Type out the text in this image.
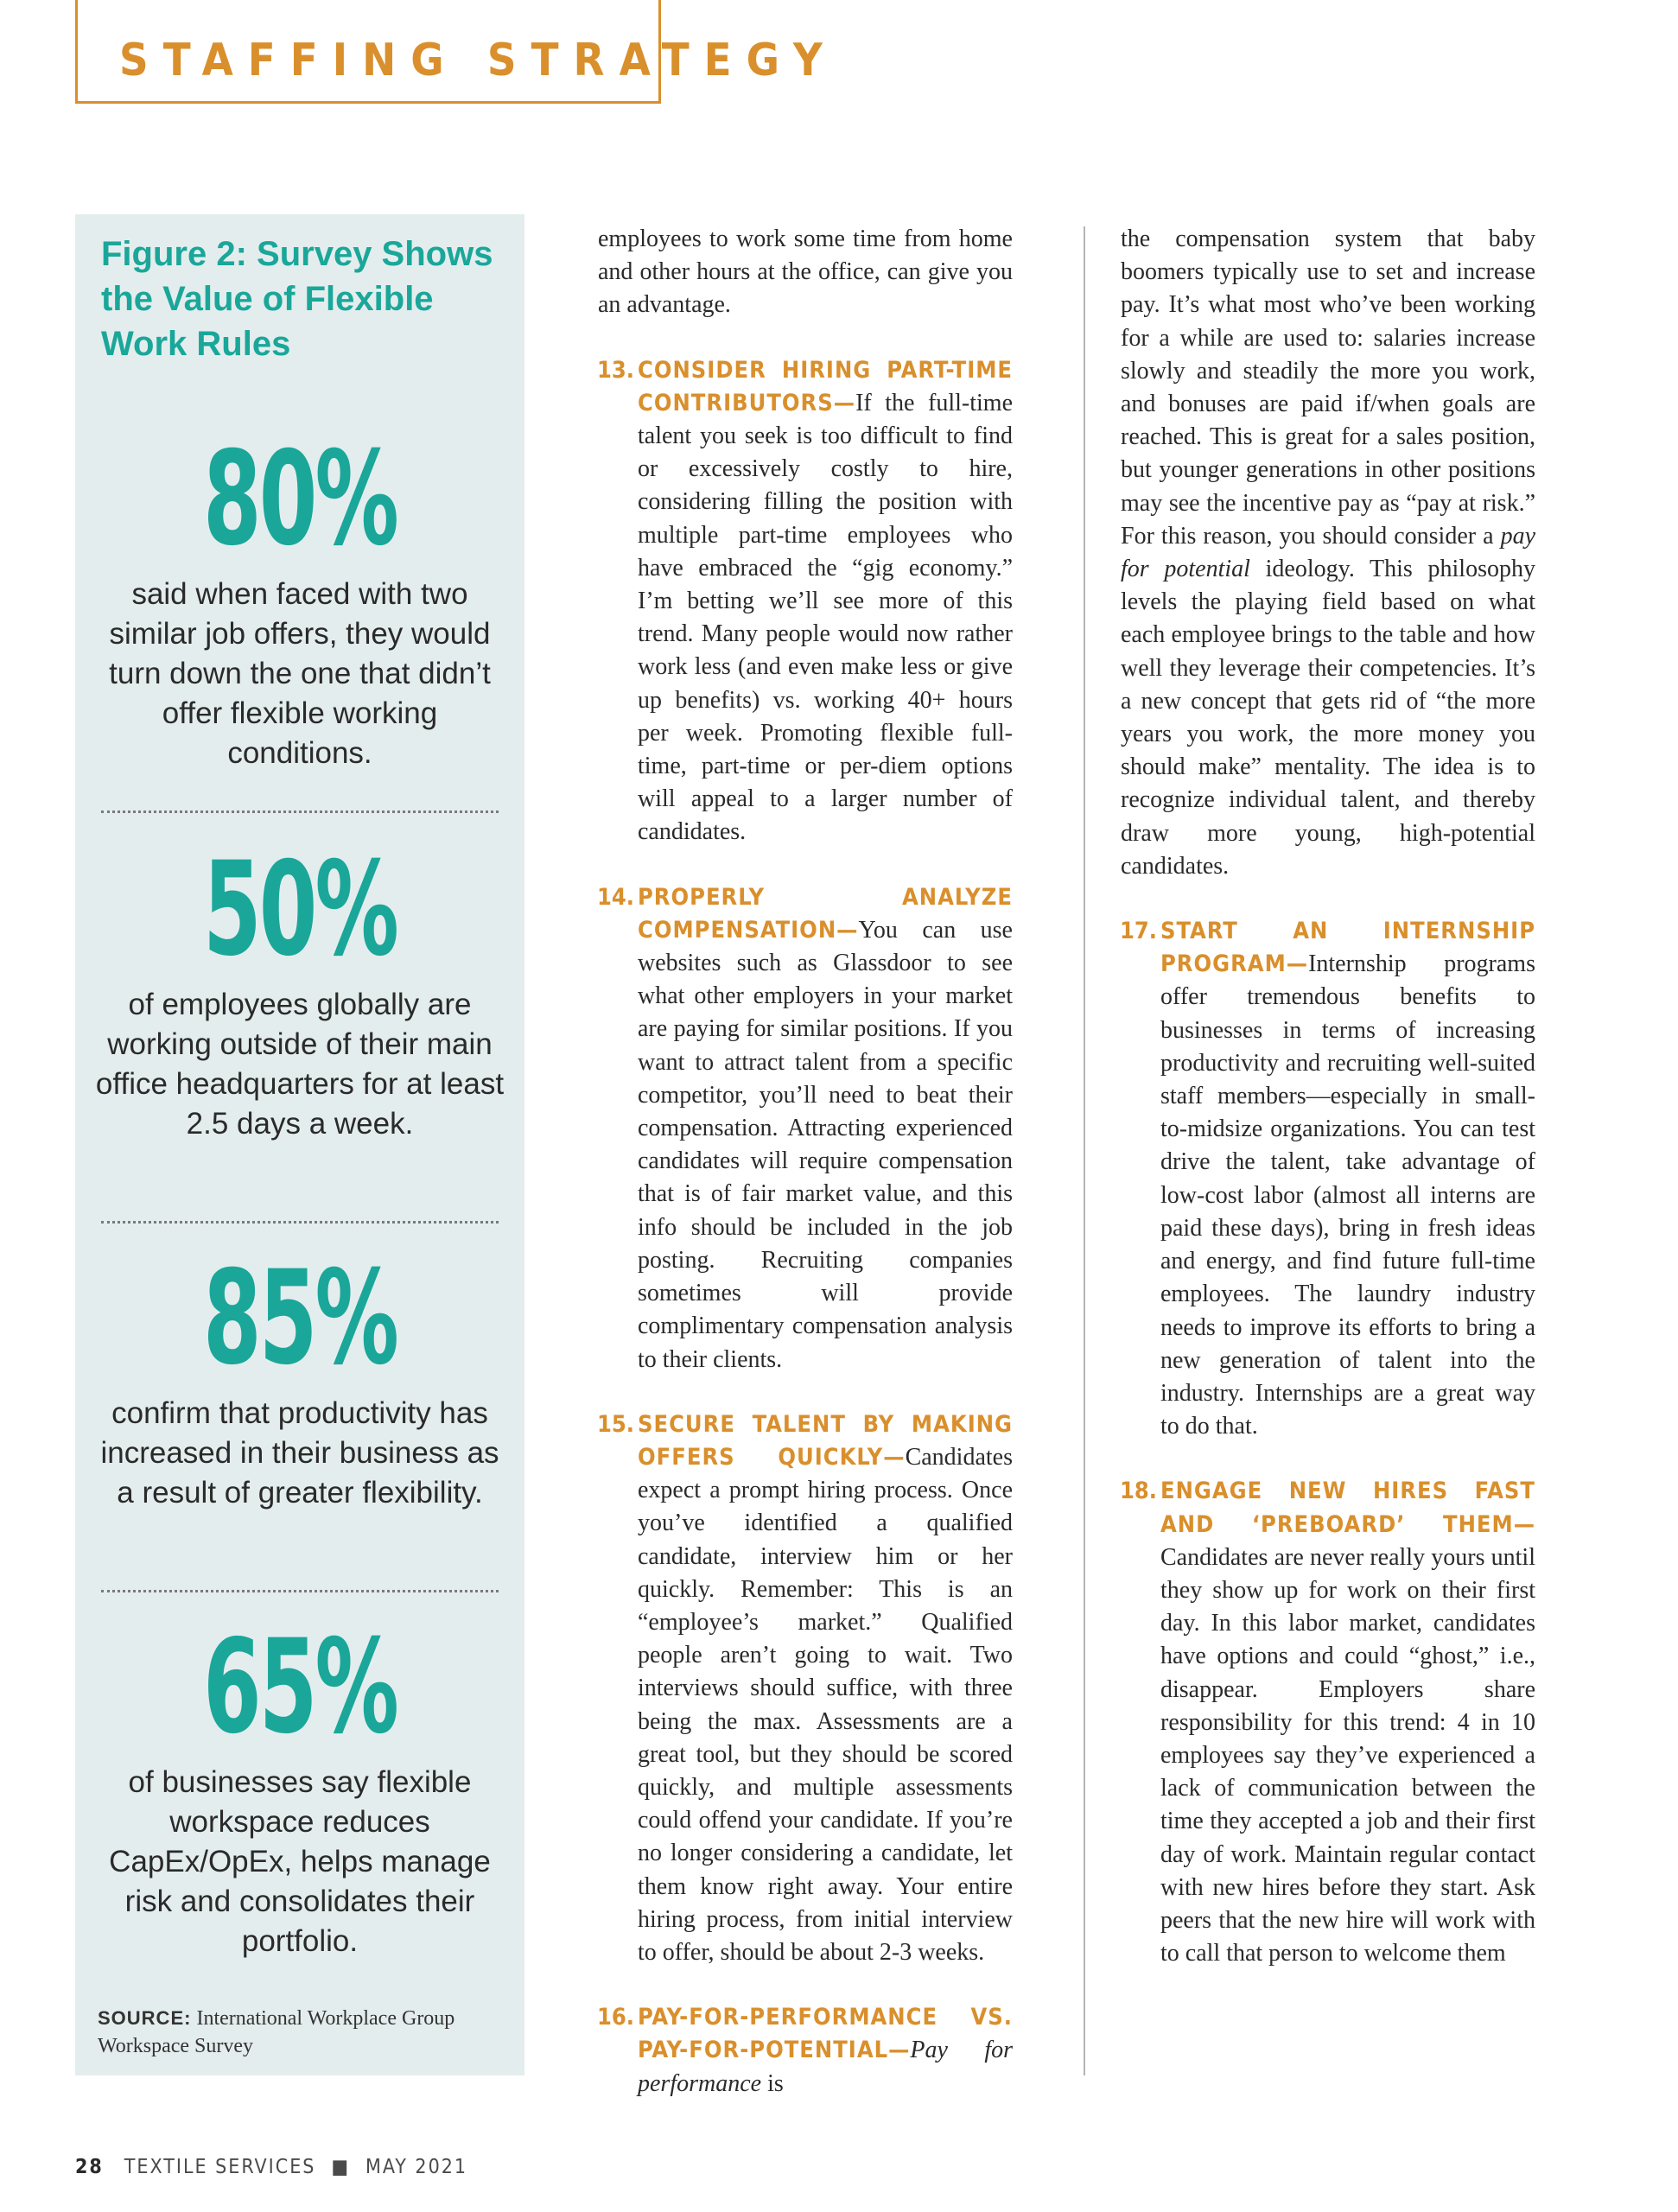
STAFFING STRATEGY
Figure 2: Survey Shows the Value of Flexible Work Rules
80%
said when faced with two similar job offers, they would turn down the one that didn’t offer flexible working conditions.
50%
of employees globally are working outside of their main office headquarters for at least 2.5 days a week.
85%
confirm that productivity has increased in their business as a result of greater flexibility.
65%
of businesses say flexible workspace reduces CapEx/OpEx, helps manage risk and consolidates their portfolio.
SOURCE: International Workplace Group Workspace Survey

employees to work some time from home and other hours at the office, can give you an advantage.

13. CONSIDER HIRING PART-TIME CONTRIBUTORS—If the full-time talent you seek is too difficult to find or excessively costly to hire, considering filling the position with multiple part-time employees who have embraced the “gig economy.” I’m betting we’ll see more of this trend. Many people would now rather work less (and even make less or give up benefits) vs. working 40+ hours per week. Promoting flexible full-time, part-time or per-diem options will appeal to a larger number of candidates.
14. PROPERLY ANALYZE COMPENSATION—You can use websites such as Glassdoor to see what other employers in your market are paying for similar positions. If you want to attract talent from a specific competitor, you’ll need to beat their compensation. Attracting experienced candidates will require compensation that is of fair market value, and this info should be included in the job posting. Recruiting companies sometimes will provide complimentary compensation analysis to their clients.
15. SECURE TALENT BY MAKING OFFERS QUICKLY—Candidates expect a prompt hiring process. Once you’ve identified a qualified candidate, interview him or her quickly. Remember: This is an “employee’s market.” Qualified people aren’t going to wait. Two interviews should suffice, with three being the max. Assessments are a great tool, but they should be scored quickly, and multiple assessments could offend your candidate. If you’re no longer considering a candidate, let them know right away. Your entire hiring process, from initial interview to offer, should be about 2-3 weeks.
16. PAY-FOR-PERFORMANCE VS. PAY-FOR-POTENTIAL—Pay for performance is

the compensation system that baby boomers typically use to set and increase pay. It’s what most who’ve been working for a while are used to: salaries increase slowly and steadily the more you work, and bonuses are paid if/when goals are reached. This is great for a sales position, but younger generations in other positions may see the incentive pay as “pay at risk.” For this reason, you should consider a pay for potential ideology. This philosophy levels the playing field based on what each employee brings to the table and how well they leverage their competencies. It’s a new concept that gets rid of “the more years you work, the more money you should make” mentality. The idea is to recognize individual talent, and thereby draw more young, high-potential candidates.

17. START AN INTERNSHIP PROGRAM—Internship programs offer tremendous benefits to businesses in terms of increasing productivity and recruiting well-suited staff members—especially in small-to-midsize organizations. You can test drive the talent, take advantage of low-cost labor (almost all interns are paid these days), bring in fresh ideas and energy, and find future full-time employees. The laundry industry needs to improve its efforts to bring a new generation of talent into the industry. Internships are a great way to do that.
18. ENGAGE NEW HIRES FAST AND ‘PREBOARD’ THEM—Candidates are never really yours until they show up for work on their first day. In this labor market, candidates have options and could “ghost,” i.e., disappear. Employers share responsibility for this trend: 4 in 10 employees say they’ve experienced a lack of communication between the time they accepted a job and their first day of work. Maintain regular contact with new hires before they start. Ask peers that the new hire will work with to call that person to welcome them
28 TEXTILE SERVICES ■ MAY 2021
